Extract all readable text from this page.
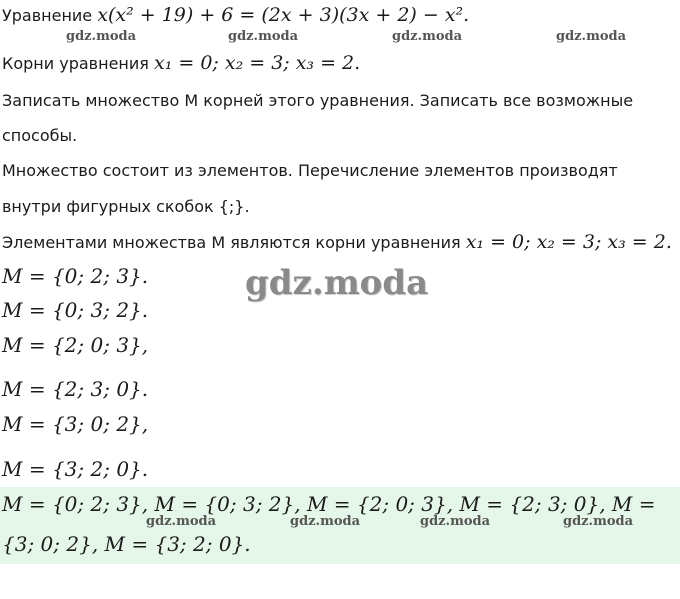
Уравнение x(x² + 19) + 6 = (2x + 3)(3x + 2) − x².
gdz.moda	gdz.moda	gdz.moda	gdz.moda
Корни уравнения x₁ = 0; x₂ = 3; x₃ = 2.
Записать множество M корней этого уравнения. Записать все возможные
способы.
Множество состоит из элементов. Перечисление элементов производят
внутри фигурных скобок {;}.
Элементами множества M являются корни уравнения x₁ = 0; x₂ = 3; x₃ = 2.
gdz.moda
M = {0; 2; 3}.
M = {0; 3; 2}.
M = {2; 0; 3},
M = {2; 3; 0}.
M = {3; 0; 2},
M = {3; 2; 0}.
M = {0; 2; 3}, M = {0; 3; 2}, M = {2; 0; 3}, M = {2; 3; 0}, M =
{3; 0; 2}, M = {3; 2; 0}.
gdz.moda	gdz.moda	gdz.moda	gdz.moda
